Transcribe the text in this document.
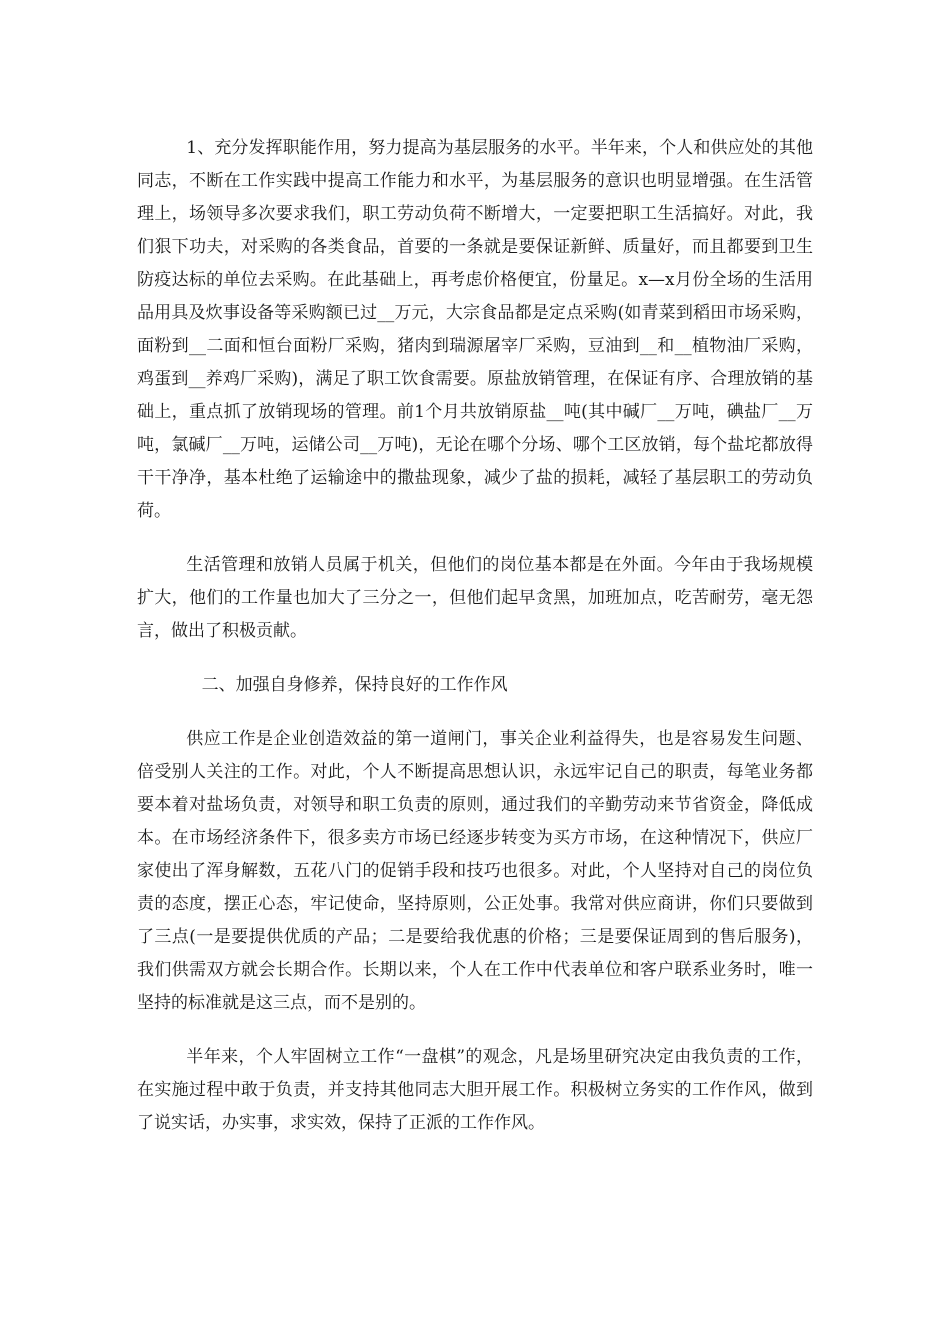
1、充分发挥职能作用，努力提高为基层服务的水平。半年来，个人和供应处的其他同志，不断在工作实践中提高工作能力和水平，为基层服务的意识也明显增强。在生活管理上，场领导多次要求我们，职工劳动负荷不断增大，一定要把职工生活搞好。对此，我们狠下功夫，对采购的各类食品，首要的一条就是要保证新鲜、质量好，而且都要到卫生防疫达标的单位去采购。在此基础上，再考虑价格便宜，份量足。x—x月份全场的生活用品用具及炊事设备等采购额已过__万元，大宗食品都是定点采购(如青菜到稻田市场采购，面粉到__二面和恒台面粉厂采购，猪肉到瑞源屠宰厂采购，豆油到__和__植物油厂采购，鸡蛋到__养鸡厂采购)，满足了职工饮食需要。原盐放销管理，在保证有序、合理放销的基础上，重点抓了放销现场的管理。前1个月共放销原盐__吨(其中碱厂__万吨，碘盐厂__万吨，氯碱厂__万吨，运储公司__万吨)，无论在哪个分场、哪个工区放销，每个盐坨都放得干干净净，基本杜绝了运输途中的撒盐现象，减少了盐的损耗，减轻了基层职工的劳动负荷。

生活管理和放销人员属于机关，但他们的岗位基本都是在外面。今年由于我场规模扩大，他们的工作量也加大了三分之一，但他们起早贪黑，加班加点，吃苦耐劳，毫无怨言，做出了积极贡献。

二、加强自身修养，保持良好的工作作风

供应工作是企业创造效益的第一道闸门，事关企业利益得失，也是容易发生问题、倍受别人关注的工作。对此，个人不断提高思想认识，永远牢记自己的职责，每笔业务都要本着对盐场负责，对领导和职工负责的原则，通过我们的辛勤劳动来节省资金，降低成本。在市场经济条件下，很多卖方市场已经逐步转变为买方市场，在这种情况下，供应厂家使出了浑身解数，五花八门的促销手段和技巧也很多。对此，个人坚持对自己的岗位负责的态度，摆正心态，牢记使命，坚持原则，公正处事。我常对供应商讲，你们只要做到了三点(一是要提供优质的产品；二是要给我优惠的价格；三是要保证周到的售后服务)，我们供需双方就会长期合作。长期以来，个人在工作中代表单位和客户联系业务时，唯一坚持的标准就是这三点，而不是别的。

半年来，个人牢固树立工作“一盘棋”的观念，凡是场里研究决定由我负责的工作，在实施过程中敢于负责，并支持其他同志大胆开展工作。积极树立务实的工作作风，做到了说实话，办实事，求实效，保持了正派的工作作风。
